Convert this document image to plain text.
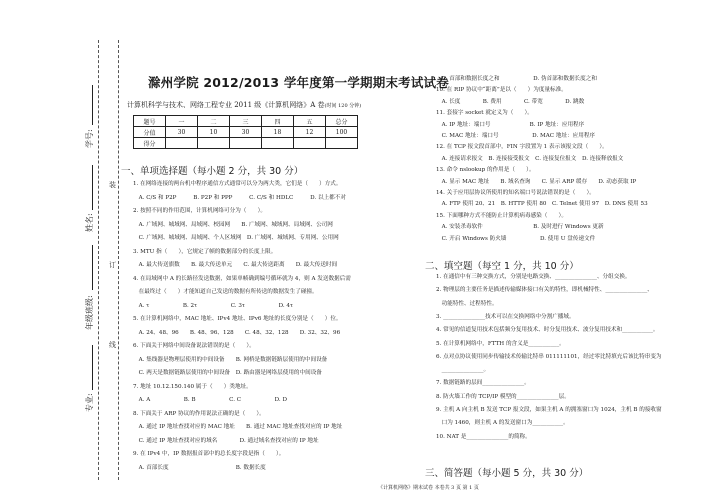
学号:
姓名:
年级班级:
专业:
装
订
线
滁州学院 2012/2013 学年度第一学期期末考试试卷
计算机科学与技术、网络工程专业 2011 级《计算机网络》A 卷(时间 120 分钟)
题号	一	二	三	四	五	总分
分值	30	10	30	18	12	100
得分						
一、单项选择题（每小题 2 分，共 30 分）
1. 在网络连接的两台机中程序通信方式通常可以分为两大类，它们是（　　）方式。
　A. C/S 和 P2P　　　B. P2P 和 PPP　　　C. C/S 和 HDLC　　　D. 以上都不对
2. 按照不同的作用范围，计算机网络可分为（　　）。
　A. 广域网、城域网、局域网、校园网　　B. 广域网、城域网、局域网、公司网
　C. 广域网、城域网、局域网、个人区域网　D. 广域网、城域网、专用网、公用网
3. MTU 指（　　），它规定了帧的数据部分的长度上限。
　A. 最大传送旗数　　B. 最大传送单元　　C. 最大传送距离　　D. 最大传送时间
4. 在局域网中 A 的长路径发送数据，如果单帧确到编号循环就为 4，则 A 发送数据后需
　在最终过（　　）才能知道自己发送的数据有所传送的数据发生了碰撞。
　A. τ　　　　　　B. 2τ　　　　　　C. 3τ　　　　　　D. 4τ
5. 在计算机网络中，MAC 地址、IPv4 地址、IPv6 地址的长度分别是（　　）位。
　A. 24、48、96　　B. 48、96、128　　C. 48、32、128　　D. 32、32、96
6. 下面关于网络中间设备说法错误的是（　　）。
　A. 集线器是物理层使用的中间设备　　B. 网桥是数据链路层使用的中间设备
　C. 两天是数据链路层使用的中间设备　D. 路由器是网络层使用的中间设备
7. 地址 10.12.150.140 属于（　　）类地址。
　A. A　　　　　　B. B　　　　　　C. C　　　　　　D. D
8. 下面关于 ARP 协议的作用说法正确的是（　　）。
　A. 通过 IP 地址查找对应的 MAC 地址　　B. 通过 MAC 地址查找对应的 IP 地址
　C. 通过 IP 地址查找对应的域名　　　　D. 通过域名查找对应的 IP 地址
9. 在 IPv4 中，IP 数据报首部中的总长度字段是指（　　）。
　A. 首部长度　　　　　　　　　　　　B. 数据长度
　C. 首部和数据长度之和　　　　　　D. 伪首部和数据长度之和
10. 在 RIP 协议中“距离”是以（　　）为度量标准。
　A. 长度　　　　B. 费用　　　　C. 带宽　　　　D. 跳数
11. 套接字 socket 就定义为（　　）。
　A. IP 地址：端口号　　　　　　　B. IP 地址：应用程序
　C. MAC 地址：端口号　　　　　　D. MAC 地址：应用程序
12. 在 TCP 报文段首部中，FIN 字段置为 1 表示该报文段（　　）。
　A. 连接请求报文　B. 连接接受报文　C. 连接复位报文　D. 连接释放报文
13. 命令 nslookup 的作用是（　　）。
　A. 显示 MAC 地址　　B. 域名查询　　C. 显示 ARP 缓存　　D. 动态获取 IP
14. 关于应用层协议所使用的知名端口号说法错误的是（　　）。
　A. FTP 使用 20、21　B. HTTP 使用 80　C. Telnet 使用 97　D. DNS 使用 53
15. 下面哪种方式不能防止计算机病毒感染（　　）。
　A. 安装杀毒软件　　　　　　　　　B. 及时进行 Windows 更新
　C. 开启 Windows 防火墙　　　　　　D. 使用 U 盘传递文件
二、填空题（每空 1 分，共 10 分）
1. 在通信中有三种交换方式，分别是电路交换、_______________、分组交换。
2. 物理层的主要任务是描述传输媒体接口有关的特性，即机械特性、_______________、
　功能特性、过程特性。
3. _______________技术可以在交换网络中分割广播域。
4. 常见的信道复用技术包括频分复用技术、时分复用技术、波分复用技术和___________。
5. 在计算机网络中，FTTH 的含义是___________。
6. 点对点协议使用同步传输技术传输比特串 011111101，经过零比特填充后该比特串变为
　_______________。
7. 数据链路的层间_______________。
8. 防火墙工作的 TCP/IP 模型的_______________层。
9. 主机 A 向主机 B 发送 TCP 报文段，如果主机 A 的拥塞窗口为 1024，主机 B 的接收窗
　口为 1460，则主机 A 的发送窗口为___________。
10. NAT 是_______________的简称。
三、简答题（每小题 5 分，共 30 分）
《计算机网络》期末试卷 本卷共 3 页 第 1 页
